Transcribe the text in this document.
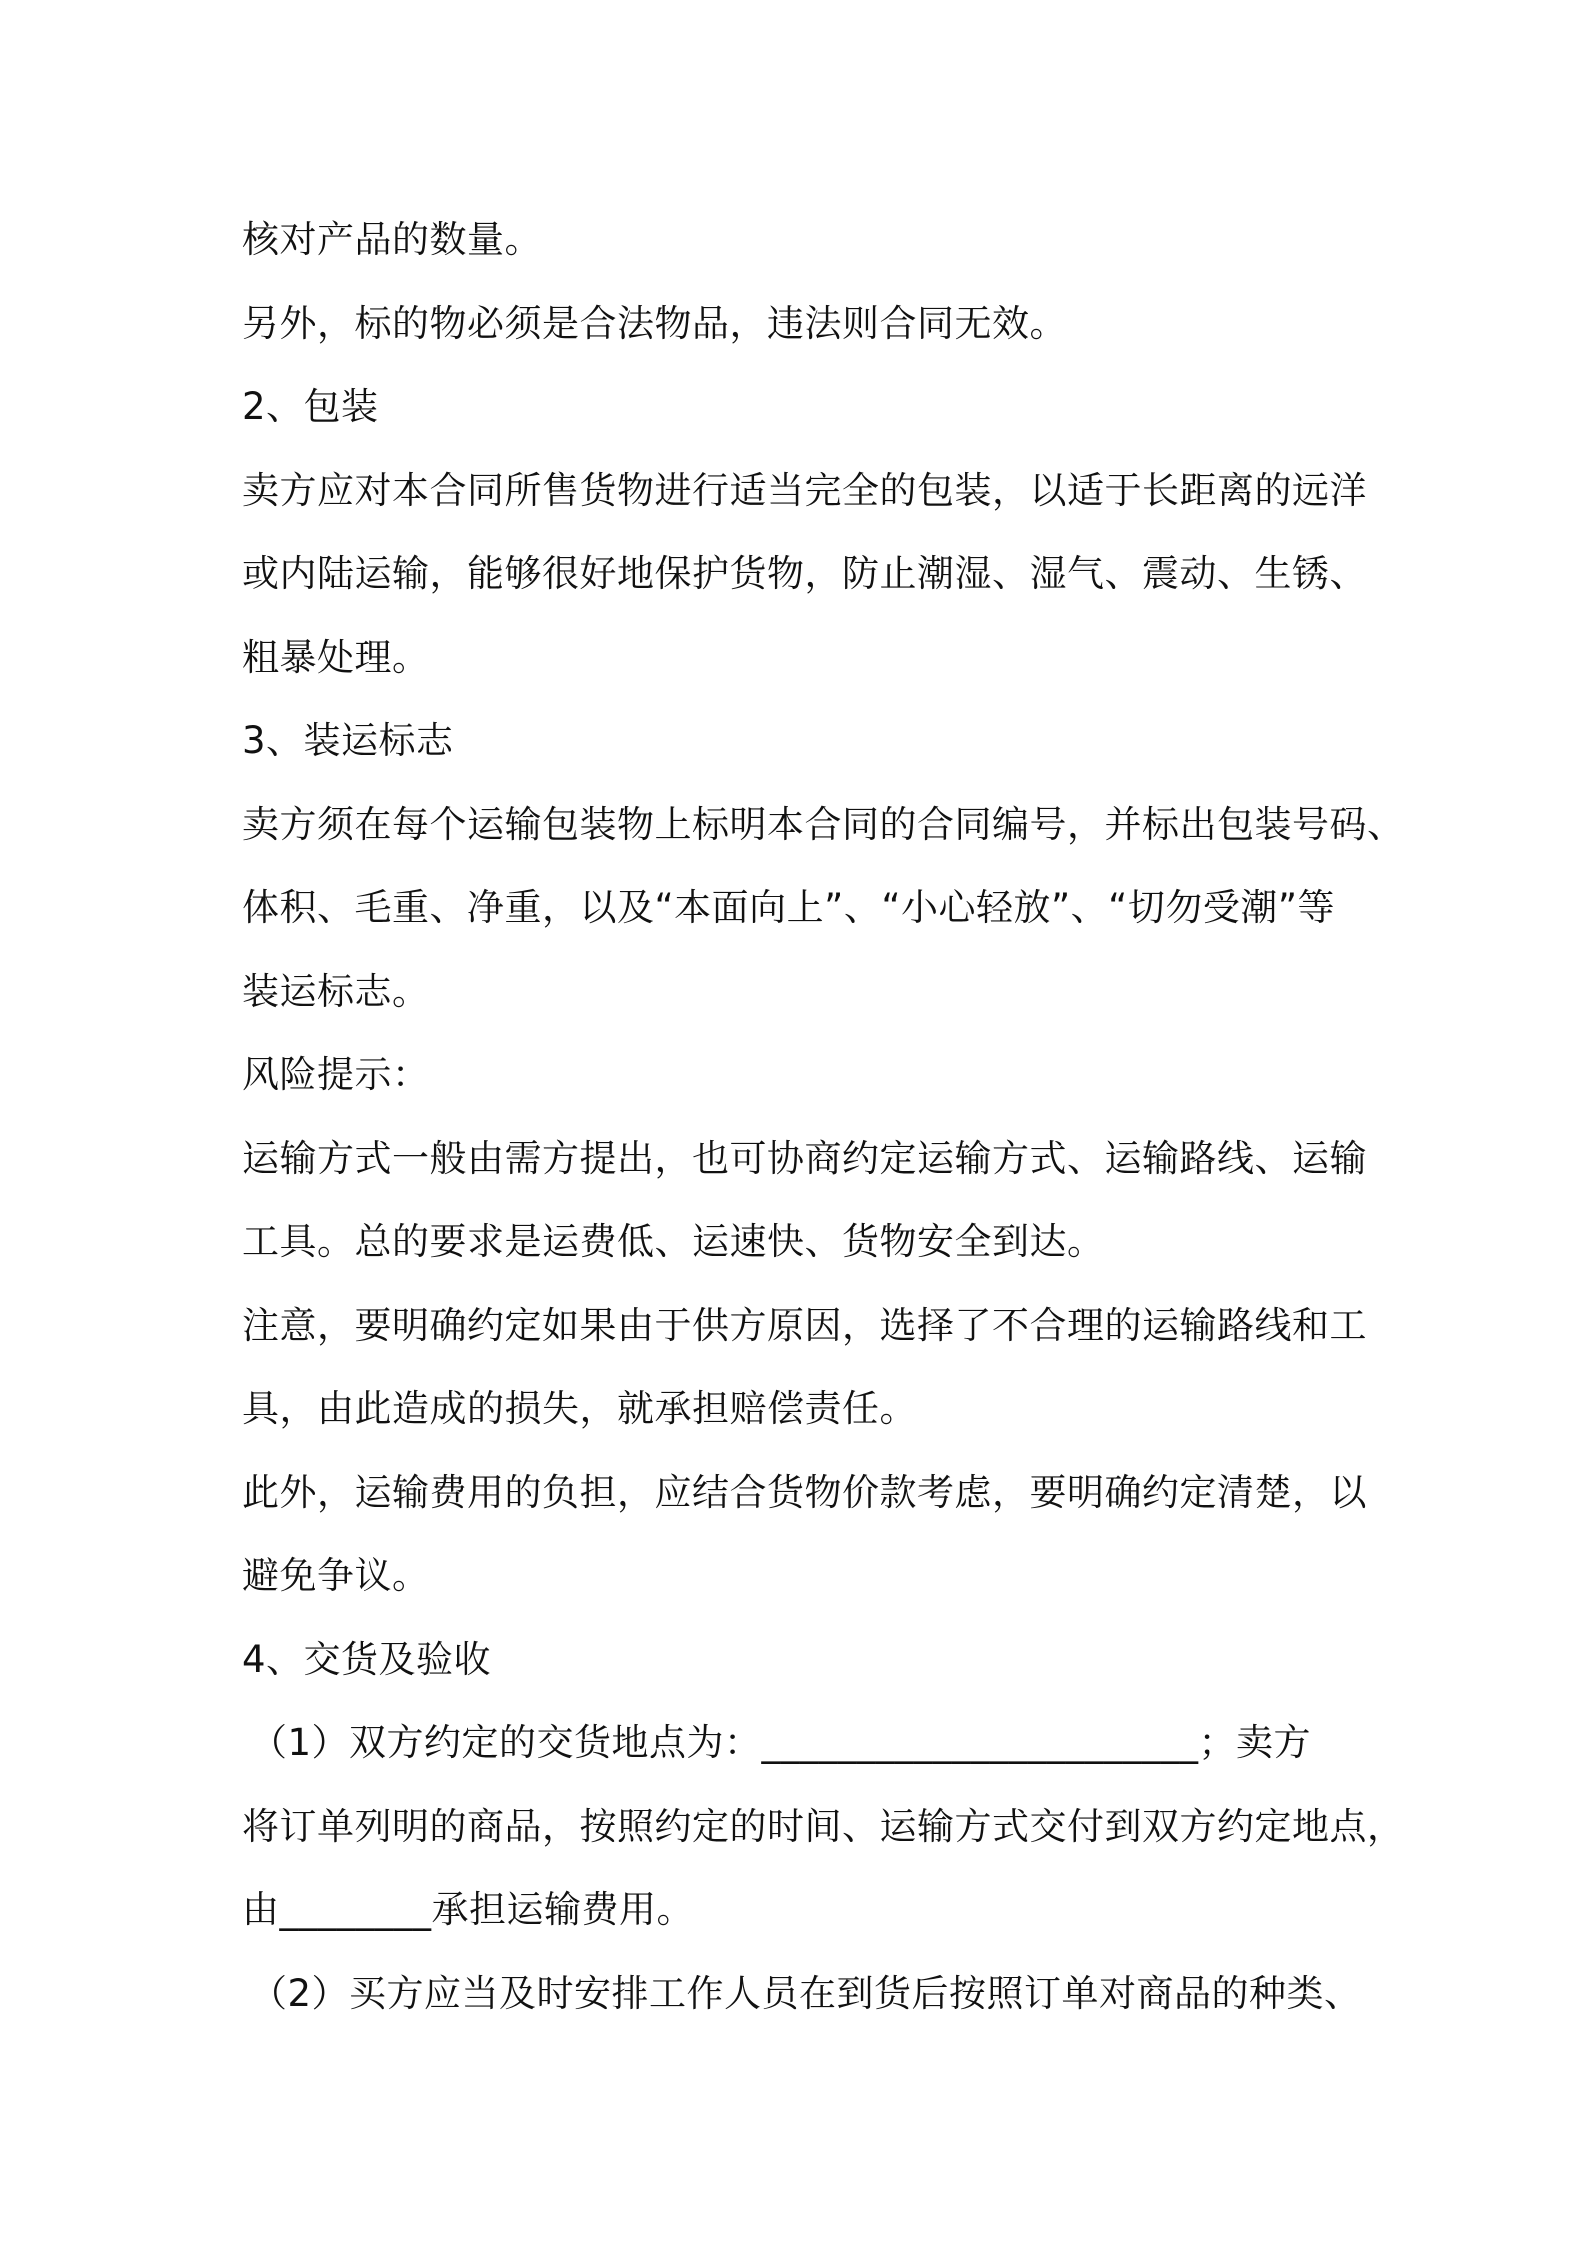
核对产品的数量。
另外，标的物必须是合法物品，违法则合同无效。
2、包装
卖方应对本合同所售货物进行适当完全的包装，以适于长距离的远洋
或内陆运输，能够很好地保护货物，防止潮湿、湿气、震动、生锈、
粗暴处理。
3、装运标志
卖方须在每个运输包装物上标明本合同的合同编号，并标出包装号码、
体积、毛重、净重，以及“本面向上”、“小心轻放”、“切勿受潮”等
装运标志。
风险提示：
运输方式一般由需方提出，也可协商约定运输方式、运输路线、运输
工具。总的要求是运费低、运速快、货物安全到达。
注意，要明确约定如果由于供方原因，选择了不合理的运输路线和工
具，由此造成的损失，就承担赔偿责任。
此外，运输费用的负担，应结合货物价款考虑，要明确约定清楚，以
避免争议。
4、交货及验收
（1）双方约定的交货地点为：_______________________；卖方
将订单列明的商品，按照约定的时间、运输方式交付到双方约定地点，
由________承担运输费用。
（2）买方应当及时安排工作人员在到货后按照订单对商品的种类、
